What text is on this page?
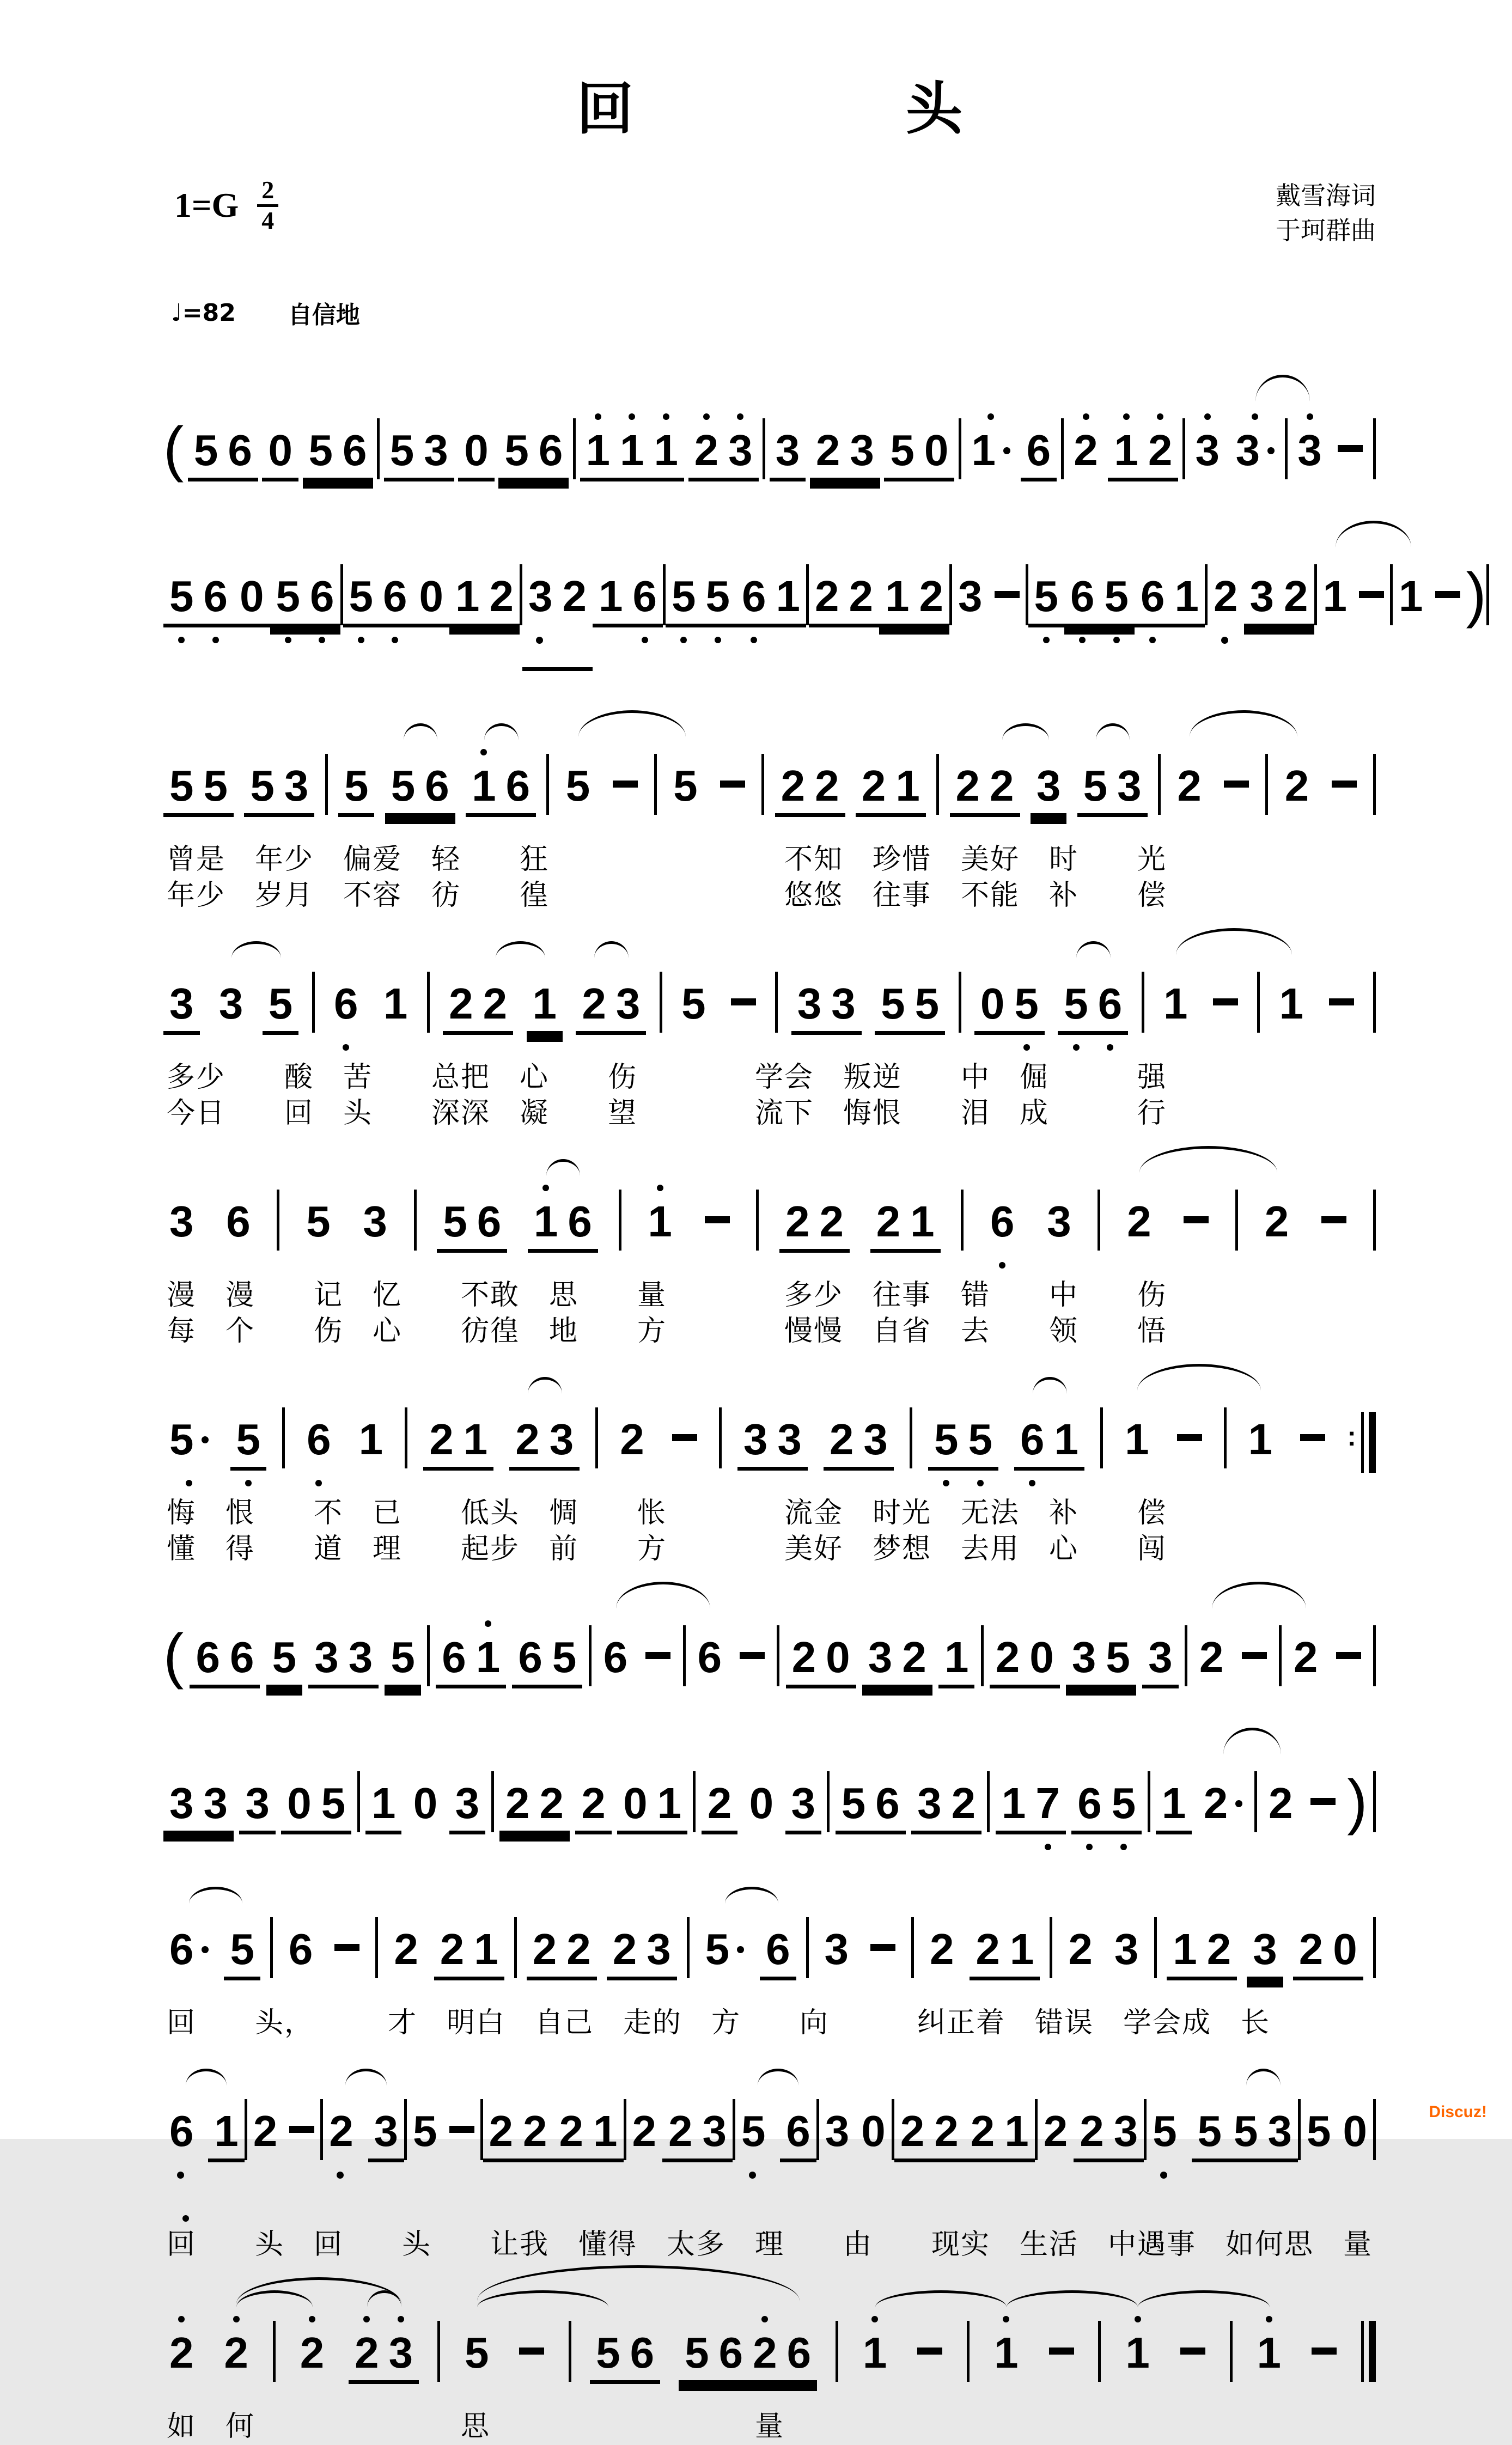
回	头
$1=G \frac{2}{4}$	戴雪海词
于珂群曲
♩=82 自信地
( 5 6 0 5 6 5 3 0 5 6 1 1 1 2 3 3 2 3 5 0 1 6 2 1 2 3 3 3
5 6 0 5 6 5 6 0 1 2 3 2 1 6 5 5 6 1 2 2 1 2 3 5 6 5 6 1 2 3 2 1 1 )
5 5 5 3 5 5 6 1 6 5 5 2 2 2 1 2 2 3 5 3 2 2
曾是　年少　偏爱　轻　　狂　　　　　　　　不知　珍惜　美好　时　　光
年少　岁月　不容　彷　　徨　　　　　　　　悠悠　往事　不能　补　　偿
3 3 5 6 1 2 2 1 2 3 5 3 3 5 5 0 5 5 6 1 1
多少　　酸　苦　　总把　心　　伤　　　　学会　叛逆　　中　倔　　　强
今日　　回　头　　深深　凝　　望　　　　流下　悔恨　　泪　成　　　行
3 6 5 3 5 6 1 6 1	2 2 2 1 6 3 2	2
漫　漫　　记　忆　　不敢　思　　量　　　　多少　往事　错　　中　　伤
每　个　　伤　心　　彷徨　地　　方　　　　慢慢　自省　去　　领　　悟
5 5 6 1 2 1 2 3 2 3 3 2 3 5 5 6 1 1 1	:
悔　恨　　不　已　　低头　惆　　怅　　　　流金　时光　无法　补　　偿
懂　得　　道　理　　起步　前　　方　　　　美好　梦想　去用　心　　闯
( 6 6 5 3 3 5 6 1 6 5 6 6 2 0 3 2 1 2 0 3 5 3 2 2
3 3 3 0 5 1 0 3 2 2 2 0 1 2 0 3 5 6 3 2 1 7 6 5 1 2 2 )
6 5 6 2 2 1 2 2 2 3 5 6 3 2 2 1 2 3 1 2 3 2 0
回　　头，　　　才　明白　自己　走的　方　　向　　　纠正着　错误　学会成　长
6 1 2 2 3 5 2 2 2 1 2 2 3 5 6 3 0 2 2 2 1 2 2 3 5 5 5 3 5 0
回　　头　回　　头　　让我　懂得　太多　理　　由　　现实　生活　中遇事　如何思　量
2 2 2 2 3 5 5 6 5 6 2 6 1 1 1 1
如　何　　　　　　　思　　　　　　　　　量
Discuz!
